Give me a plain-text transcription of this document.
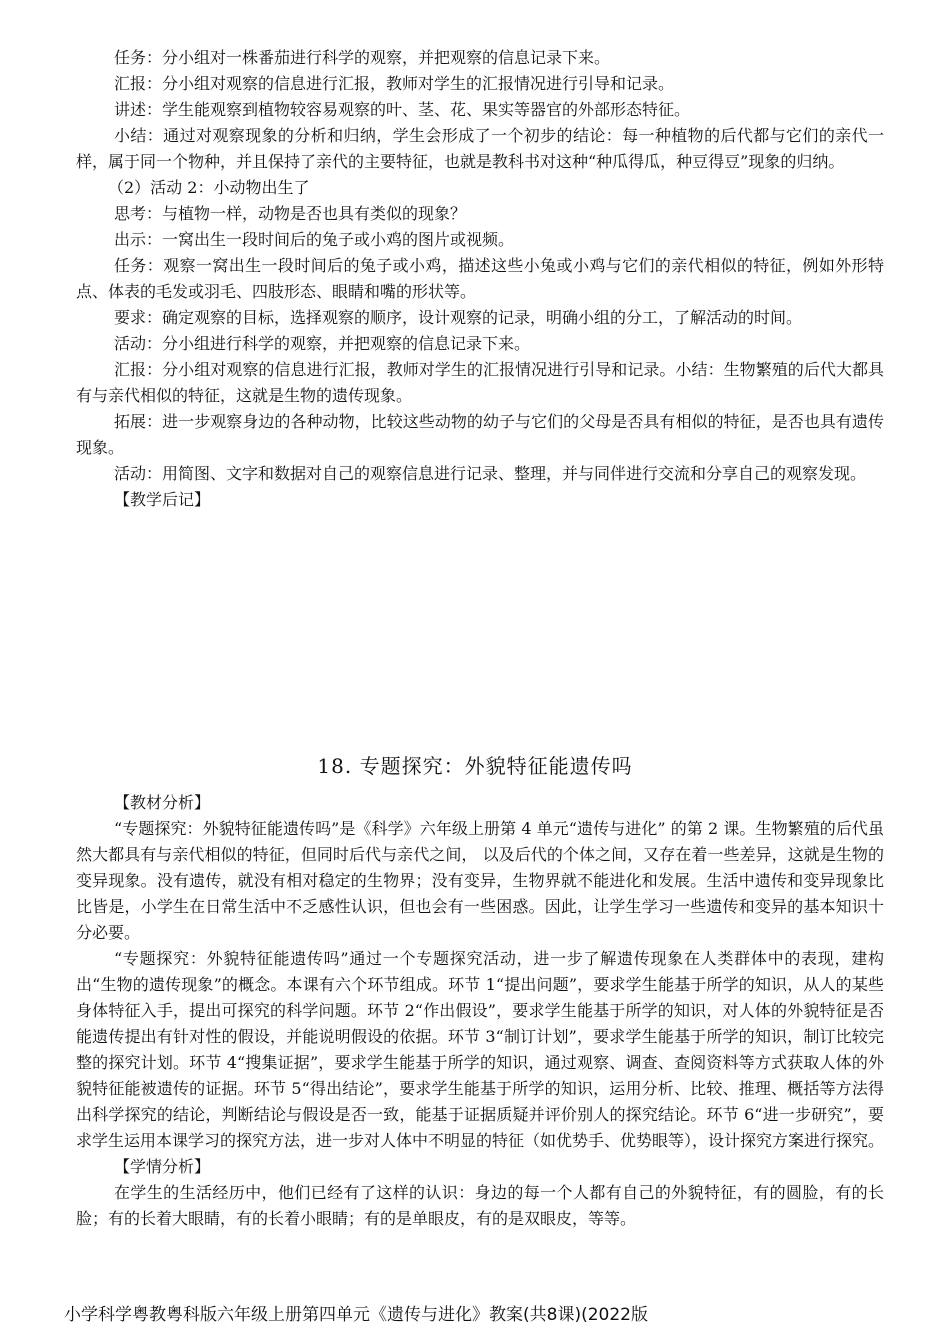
任务：分小组对一株番茄进行科学的观察，并把观察的信息记录下来。

汇报：分小组对观察的信息进行汇报，教师对学生的汇报情况进行引导和记录。

讲述：学生能观察到植物较容易观察的叶、茎、花、果实等器官的外部形态特征。

小结：通过对观察现象的分析和归纳，学生会形成了一个初步的结论：每一种植物的后代都与它们的亲代一样，属于同一个物种，并且保持了亲代的主要特征，也就是教科书对这种“种瓜得瓜，种豆得豆”现象的归纳。

（2）活动 2：小动物出生了

思考：与植物一样，动物是否也具有类似的现象？

出示：一窝出生一段时间后的兔子或小鸡的图片或视频。

任务：观察一窝出生一段时间后的兔子或小鸡，描述这些小兔或小鸡与它们的亲代相似的特征，例如外形特点、体表的毛发或羽毛、四肢形态、眼睛和嘴的形状等。

要求：确定观察的目标，选择观察的顺序，设计观察的记录，明确小组的分工，了解活动的时间。

活动：分小组进行科学的观察，并把观察的信息记录下来。

汇报：分小组对观察的信息进行汇报，教师对学生的汇报情况进行引导和记录。小结：生物繁殖的后代大都具有与亲代相似的特征，这就是生物的遗传现象。

拓展：进一步观察身边的各种动物，比较这些动物的幼子与它们的父母是否具有相似的特征，是否也具有遗传现象。

活动：用简图、文字和数据对自己的观察信息进行记录、整理，并与同伴进行交流和分享自己的观察发现。

【教学后记】

18. 专题探究：外貌特征能遗传吗

【教材分析】

“专题探究：外貌特征能遗传吗”是《科学》六年级上册第 4 单元“遗传与进化” 的第 2 课。生物繁殖的后代虽然大都具有与亲代相似的特征，但同时后代与亲代之间， 以及后代的个体之间，又存在着一些差异，这就是生物的变异现象。没有遗传，就没有相对稳定的生物界；没有变异，生物界就不能进化和发展。生活中遗传和变异现象比比皆是，小学生在日常生活中不乏感性认识，但也会有一些困惑。因此，让学生学习一些遗传和变异的基本知识十分必要。

“专题探究：外貌特征能遗传吗”通过一个专题探究活动，进一步了解遗传现象在人类群体中的表现，建构出“生物的遗传现象”的概念。本课有六个环节组成。环节 1“提出问题”，要求学生能基于所学的知识，从人的某些身体特征入手，提出可探究的科学问题。环节 2“作出假设”，要求学生能基于所学的知识，对人体的外貌特征是否能遗传提出有针对性的假设，并能说明假设的依据。环节 3“制订计划”，要求学生能基于所学的知识，制订比较完整的探究计划。环节 4“搜集证据”，要求学生能基于所学的知识，通过观察、调查、查阅资料等方式获取人体的外貌特征能被遗传的证据。环节 5“得出结论”，要求学生能基于所学的知识，运用分析、比较、推理、概括等方法得出科学探究的结论，判断结论与假设是否一致，能基于证据质疑并评价别人的探究结论。环节 6“进一步研究”，要求学生运用本课学习的探究方法，进一步对人体中不明显的特征（如优势手、优势眼等），设计探究方案进行探究。

【学情分析】

在学生的生活经历中，他们已经有了这样的认识：身边的每一个人都有自己的外貌特征，有的圆脸，有的长脸；有的长着大眼睛，有的长着小眼睛；有的是单眼皮，有的是双眼皮，等等。

小学科学粤教粤科版六年级上册第四单元《遗传与进化》教案(共8课)(2022版
